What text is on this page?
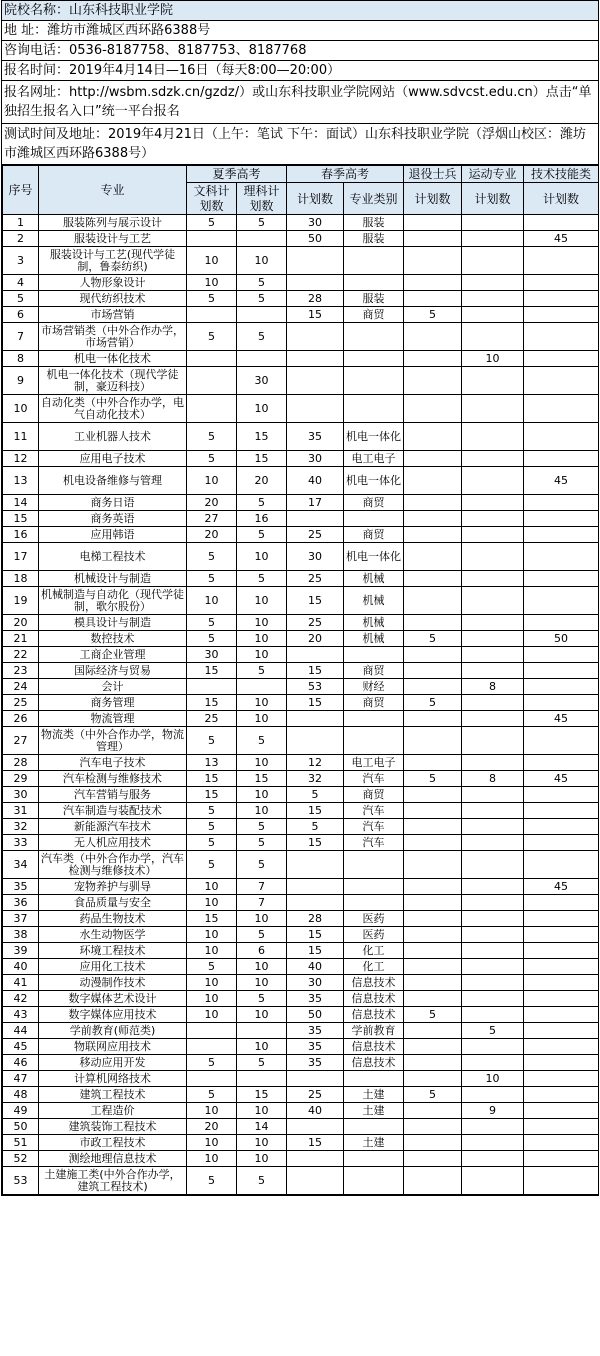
院校名称：山东科技职业学院
地 址：潍坊市潍城区西环路6388号
咨询电话：0536-8187758、8187753、8187768
报名时间：2019年4月14日—16日（每天8:00—20:00）
报名网址：http://wsbm.sdzk.cn/gzdz/）或山东科技职业学院网站（www.sdvcst.edu.cn）点击“单独招生报名入口”统一平台报名
测试时间及地址：2019年4月21日（上午：笔试 下午：面试）山东科技职业学院（浮烟山校区：潍坊市潍城区西环路6388号）
序号	专业	夏季高考		春季高考		退役士兵	运动专业	技术技能类
		文科计划数	理科计划数	计划数	专业类别	计划数	计划数	计划数
1	服装陈列与展示设计	5	5	30	服装			
2	服装设计与工艺			50	服装			45
3	服装设计与工艺(现代学徒制，鲁泰纺织)	10	10					
4	人物形象设计	10	5					
5	现代纺织技术	5	5	28	服装			
6	市场营销			15	商贸	5		
7	市场营销类（中外合作办学，市场营销）	5	5					
8	机电一体化技术						10	
9	机电一体化技术（现代学徒制，豪迈科技）		30					
10	自动化类（中外合作办学，电气自动化技术）		10					
11	工业机器人技术	5	15	35	机电一体化			
12	应用电子技术	5	15	30	电工电子			
13	机电设备维修与管理	10	20	40	机电一体化			45
14	商务日语	20	5	17	商贸			
15	商务英语	27	16					
16	应用韩语	20	5	25	商贸			
17	电梯工程技术	5	10	30	机电一体化			
18	机械设计与制造	5	5	25	机械			
19	机械制造与自动化（现代学徒制，歌尔股份）	10	10	15	机械			
20	模具设计与制造	5	10	25	机械			
21	数控技术	5	10	20	机械	5		50
22	工商企业管理	30	10					
23	国际经济与贸易	15	5	15	商贸			
24	会计			53	财经		8	
25	商务管理	15	10	15	商贸	5		
26	物流管理	25	10					45
27	物流类（中外合作办学，物流管理）	5	5					
28	汽车电子技术	13	10	12	电工电子			
29	汽车检测与维修技术	15	15	32	汽车	5	8	45
30	汽车营销与服务	15	10	5	商贸			
31	汽车制造与装配技术	5	10	15	汽车			
32	新能源汽车技术	5	5	5	汽车			
33	无人机应用技术	5	5	15	汽车			
34	汽车类（中外合作办学，汽车检测与维修技术）	5	5					
35	宠物养护与驯导	10	7					45
36	食品质量与安全	10	7					
37	药品生物技术	15	10	28	医药			
38	水生动物医学	10	5	15	医药			
39	环境工程技术	10	6	15	化工			
40	应用化工技术	5	10	40	化工			
41	动漫制作技术	10	10	30	信息技术			
42	数字媒体艺术设计	10	5	35	信息技术			
43	数字媒体应用技术	10	10	50	信息技术	5		
44	学前教育(师范类)			35	学前教育		5	
45	物联网应用技术		10	35	信息技术			
46	移动应用开发	5	5	35	信息技术			
47	计算机网络技术						10	
48	建筑工程技术	5	15	25	土建	5		
49	工程造价	10	10	40	土建		9	
50	建筑装饰工程技术	20	14					
51	市政工程技术	10	10	15	土建			
52	测绘地理信息技术	10	10					
53	土建施工类(中外合作办学，建筑工程技术)	5	5					
